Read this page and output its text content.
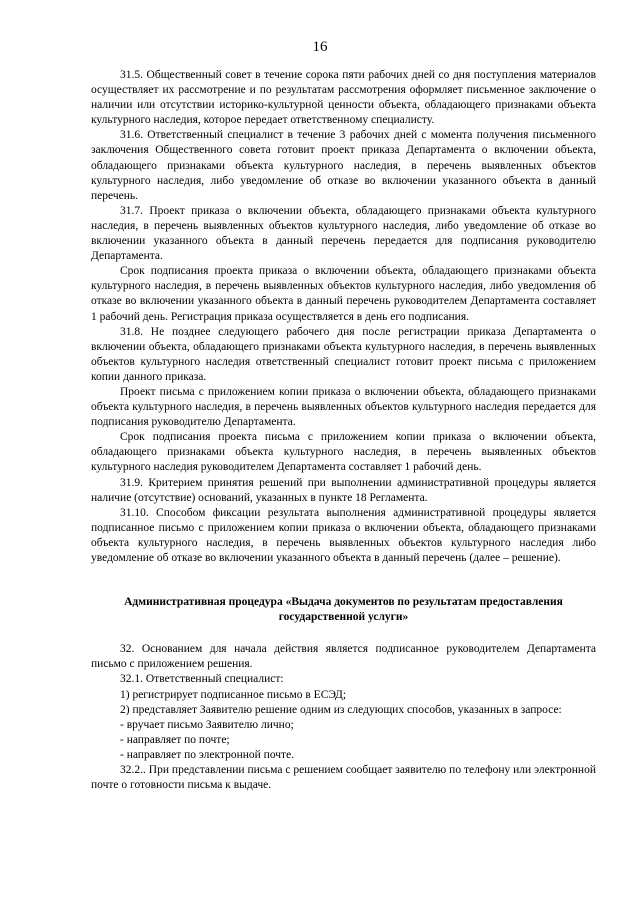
16

31.5. Общественный совет в течение сорока пяти рабочих дней со дня поступления материалов осуществляет их рассмотрение и по результатам рассмотрения оформляет письменное заключение о наличии или отсутствии историко-культурной ценности объекта, обладающего признаками объекта культурного наследия, которое передает ответственному специалисту.

31.6. Ответственный специалист в течение 3 рабочих дней с момента получения письменного заключения Общественного совета готовит проект приказа Департамента о включении объекта, обладающего признаками объекта культурного наследия, в перечень выявленных объектов культурного наследия, либо уведомление об отказе во включении указанного объекта в данный перечень.

31.7. Проект приказа о включении объекта, обладающего признаками объекта культурного наследия, в перечень выявленных объектов культурного наследия, либо уведомление об отказе во включении указанного объекта в данный перечень передается для подписания руководителю Департамента.

Срок подписания проекта приказа о включении объекта, обладающего признаками объекта культурного наследия, в перечень выявленных объектов культурного наследия, либо уведомления об отказе во включении указанного объекта в данный перечень руководителем Департамента составляет 1 рабочий день. Регистрация приказа осуществляется в день его подписания.

31.8. Не позднее следующего рабочего дня после регистрации приказа Департамента о включении объекта, обладающего признаками объекта культурного наследия, в перечень выявленных объектов культурного наследия ответственный специалист готовит проект письма с приложением копии данного приказа.

Проект письма с приложением копии приказа о включении объекта, обладающего признаками объекта культурного наследия, в перечень выявленных объектов культурного наследия передается для подписания руководителю Департамента.

Срок подписания проекта письма с приложением копии приказа о включении объекта, обладающего признаками объекта культурного наследия, в перечень выявленных объектов культурного наследия руководителем Департамента составляет 1 рабочий день.

31.9. Критерием принятия решений при выполнении административной процедуры является наличие (отсутствие) оснований, указанных в пункте 18 Регламента.

31.10. Способом фиксации результата выполнения административной процедуры является подписанное письмо с приложением копии приказа о включении объекта, обладающего признаками объекта культурного наследия, в перечень выявленных объектов культурного наследия либо уведомление об отказе во включении указанного объекта в данный перечень (далее – решение).

Административная процедура «Выдача документов по результатам предоставления государственной услуги»

32. Основанием для начала действия является подписанное руководителем Департамента письмо с приложением решения.

32.1. Ответственный специалист:

1) регистрирует подписанное письмо в ЕСЭД;

2) представляет Заявителю решение одним из следующих способов, указанных в запросе:

- вручает письмо Заявителю лично;

- направляет по почте;

- направляет по электронной почте.

32.2.. При представлении письма с решением сообщает заявителю по телефону или электронной почте о готовности письма к выдаче.
